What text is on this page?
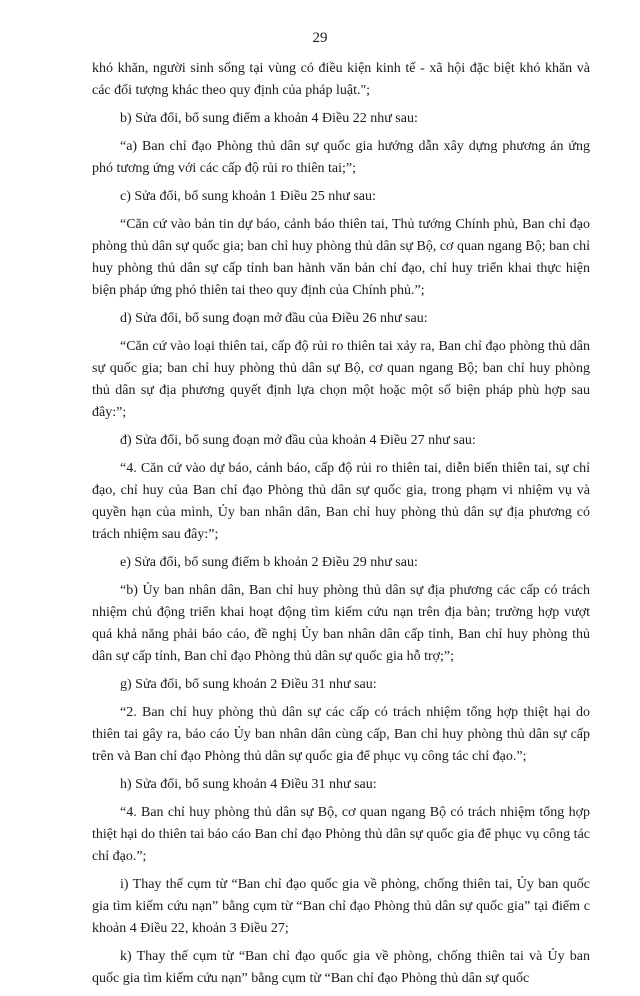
29

khó khăn, người sinh sống tại vùng có điều kiện kinh tế - xã hội đặc biệt khó khăn và các đối tượng khác theo quy định của pháp luật.";

b) Sửa đổi, bổ sung điểm a khoản 4 Điều 22 như sau:

“a) Ban chỉ đạo Phòng thủ dân sự quốc gia hướng dẫn xây dựng phương án ứng phó tương ứng với các cấp độ rủi ro thiên tai;”;

c) Sửa đổi, bổ sung khoản 1 Điều 25 như sau:

“Căn cứ vào bản tin dự báo, cảnh báo thiên tai, Thủ tướng Chính phủ, Ban chỉ đạo phòng thủ dân sự quốc gia; ban chỉ huy phòng thủ dân sự Bộ, cơ quan ngang Bộ; ban chỉ huy phòng thủ dân sự cấp tỉnh ban hành văn bản chỉ đạo, chỉ huy triển khai thực hiện biện pháp ứng phó thiên tai theo quy định của Chính phủ.”;

d) Sửa đổi, bổ sung đoạn mở đầu của Điều 26 như sau:

“Căn cứ vào loại thiên tai, cấp độ rủi ro thiên tai xảy ra, Ban chỉ đạo phòng thủ dân sự quốc gia; ban chỉ huy phòng thủ dân sự Bộ, cơ quan ngang Bộ; ban chỉ huy phòng thủ dân sự địa phương quyết định lựa chọn một hoặc một số biện pháp phù hợp sau đây:”;

đ) Sửa đổi, bổ sung đoạn mở đầu của khoản 4 Điều 27 như sau:

“4. Căn cứ vào dự báo, cảnh báo, cấp độ rủi ro thiên tai, diễn biến thiên tai, sự chỉ đạo, chỉ huy của Ban chỉ đạo Phòng thủ dân sự quốc gia, trong phạm vi nhiệm vụ và quyền hạn của mình, Ủy ban nhân dân, Ban chỉ huy phòng thủ dân sự địa phương có trách nhiệm sau đây:”;

e) Sửa đổi, bổ sung điểm b khoản 2 Điều 29 như sau:

“b) Ủy ban nhân dân, Ban chỉ huy phòng thủ dân sự địa phương các cấp có trách nhiệm chủ động triển khai hoạt động tìm kiếm cứu nạn trên địa bàn; trường hợp vượt quá khả năng phải báo cáo, đề nghị Ủy ban nhân dân cấp tỉnh, Ban chỉ huy phòng thủ dân sự cấp tỉnh, Ban chỉ đạo Phòng thủ dân sự quốc gia hỗ trợ;”;

g) Sửa đổi, bổ sung khoản 2 Điều 31 như sau:

“2. Ban chỉ huy phòng thủ dân sự các cấp có trách nhiệm tổng hợp thiệt hại do thiên tai gây ra, báo cáo Ủy ban nhân dân cùng cấp, Ban chỉ huy phòng thủ dân sự cấp trên và Ban chỉ đạo Phòng thủ dân sự quốc gia để phục vụ công tác chỉ đạo.”;

h) Sửa đổi, bổ sung khoản 4 Điều 31 như sau:

“4. Ban chỉ huy phòng thủ dân sự Bộ, cơ quan ngang Bộ có trách nhiệm tổng hợp thiệt hại do thiên tai báo cáo Ban chỉ đạo Phòng thủ dân sự quốc gia để phục vụ công tác chỉ đạo.”;

i) Thay thế cụm từ “Ban chỉ đạo quốc gia về phòng, chống thiên tai, Ủy ban quốc gia tìm kiếm cứu nạn” bằng cụm từ “Ban chỉ đạo Phòng thủ dân sự quốc gia” tại điểm c khoản 4 Điều 22, khoản 3 Điều 27;

k) Thay thế cụm từ “Ban chỉ đạo quốc gia về phòng, chống thiên tai và Ủy ban quốc gia tìm kiếm cứu nạn” bằng cụm từ “Ban chỉ đạo Phòng thủ dân sự quốc
